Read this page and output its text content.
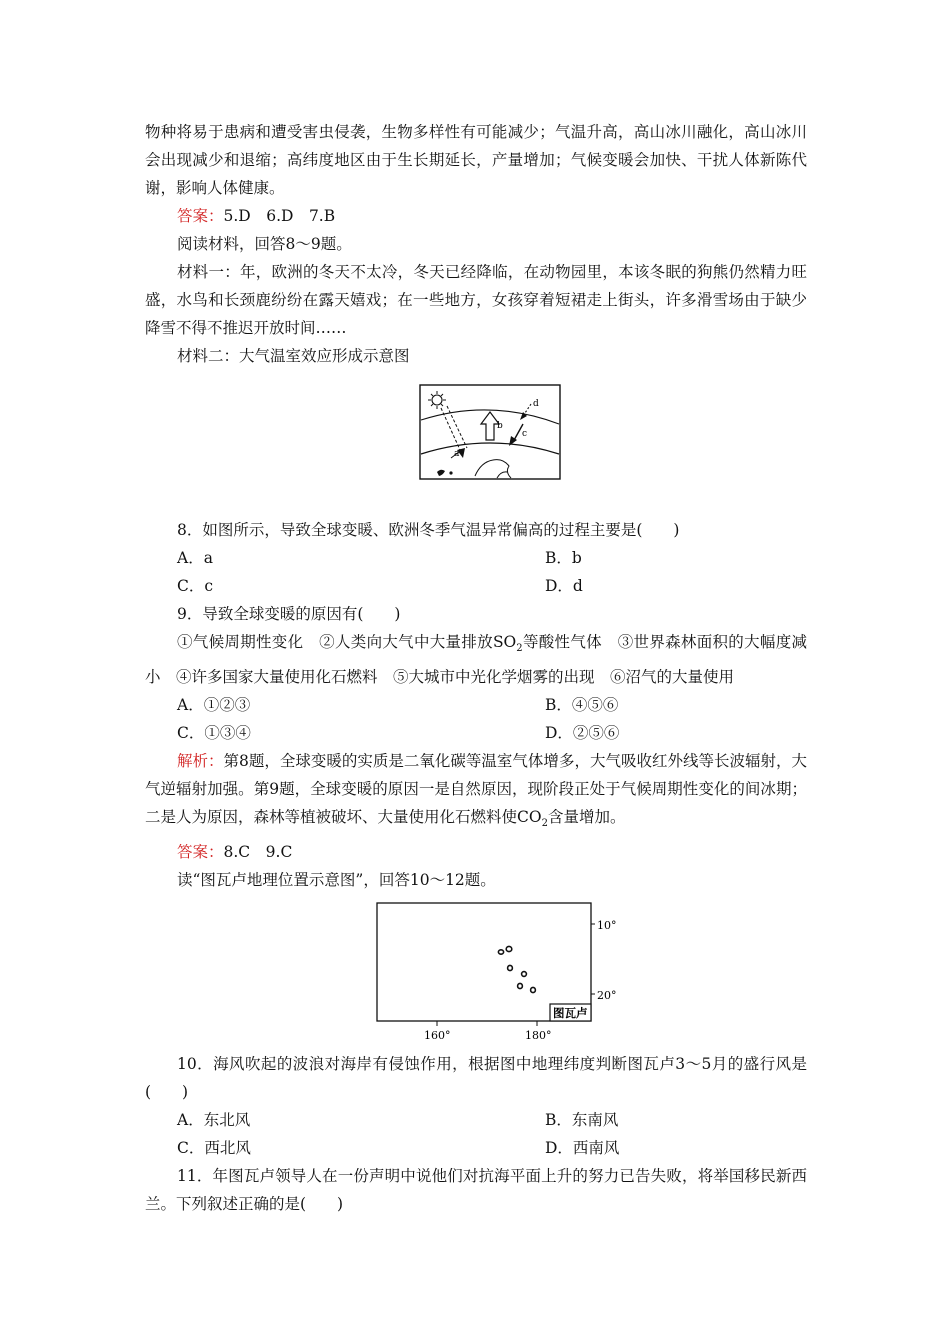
物种将易于患病和遭受害虫侵袭，生物多样性有可能减少；气温升高，高山冰川融化，高山冰川会出现减少和退缩；高纬度地区由于生长期延长，产量增加；气候变暖会加快、干扰人体新陈代谢，影响人体健康。

答案：5.D　6.D　7.B

阅读材料，回答8～9题。

材料一：年，欧洲的冬天不太冷，冬天已经降临，在动物园里，本该冬眠的狗熊仍然精力旺盛，水鸟和长颈鹿纷纷在露天嬉戏；在一些地方，女孩穿着短裙走上街头，许多滑雪场由于缺少降雪不得不推迟开放时间……

材料二：大气温室效应形成示意图

a
b
c
d

8．如图所示，导致全球变暖、欧洲冬季气温异常偏高的过程主要是(　　)

A．a	B．b
C．c	D．d

9．导致全球变暖的原因有(　　)

①气候周期性变化　②人类向大气中大量排放$SO_2$等酸性气体　③世界森林面积的大幅度减小　④许多国家大量使用化石燃料　⑤大城市中光化学烟雾的出现　⑥沼气的大量使用

A．①②③	B．④⑤⑥
C．①③④	D．②⑤⑥

解析：第8题，全球变暖的实质是二氧化碳等温室气体增多，大气吸收红外线等长波辐射，大气逆辐射加强。第9题，全球变暖的原因一是自然原因，现阶段正处于气候周期性变化的间冰期；二是人为原因，森林等植被破坏、大量使用化石燃料使$CO_2$含量增加。

答案：8.C　9.C

读“图瓦卢地理位置示意图”，回答10～12题。

图瓦卢
10°
20°
160°	180°

10．海风吹起的波浪对海岸有侵蚀作用，根据图中地理纬度判断图瓦卢3～5月的盛行风是(　　)

A．东北风	B．东南风
C．西北风	D．西南风

11．年图瓦卢领导人在一份声明中说他们对抗海平面上升的努力已告失败，将举国移民新西兰。下列叙述正确的是(　　)
